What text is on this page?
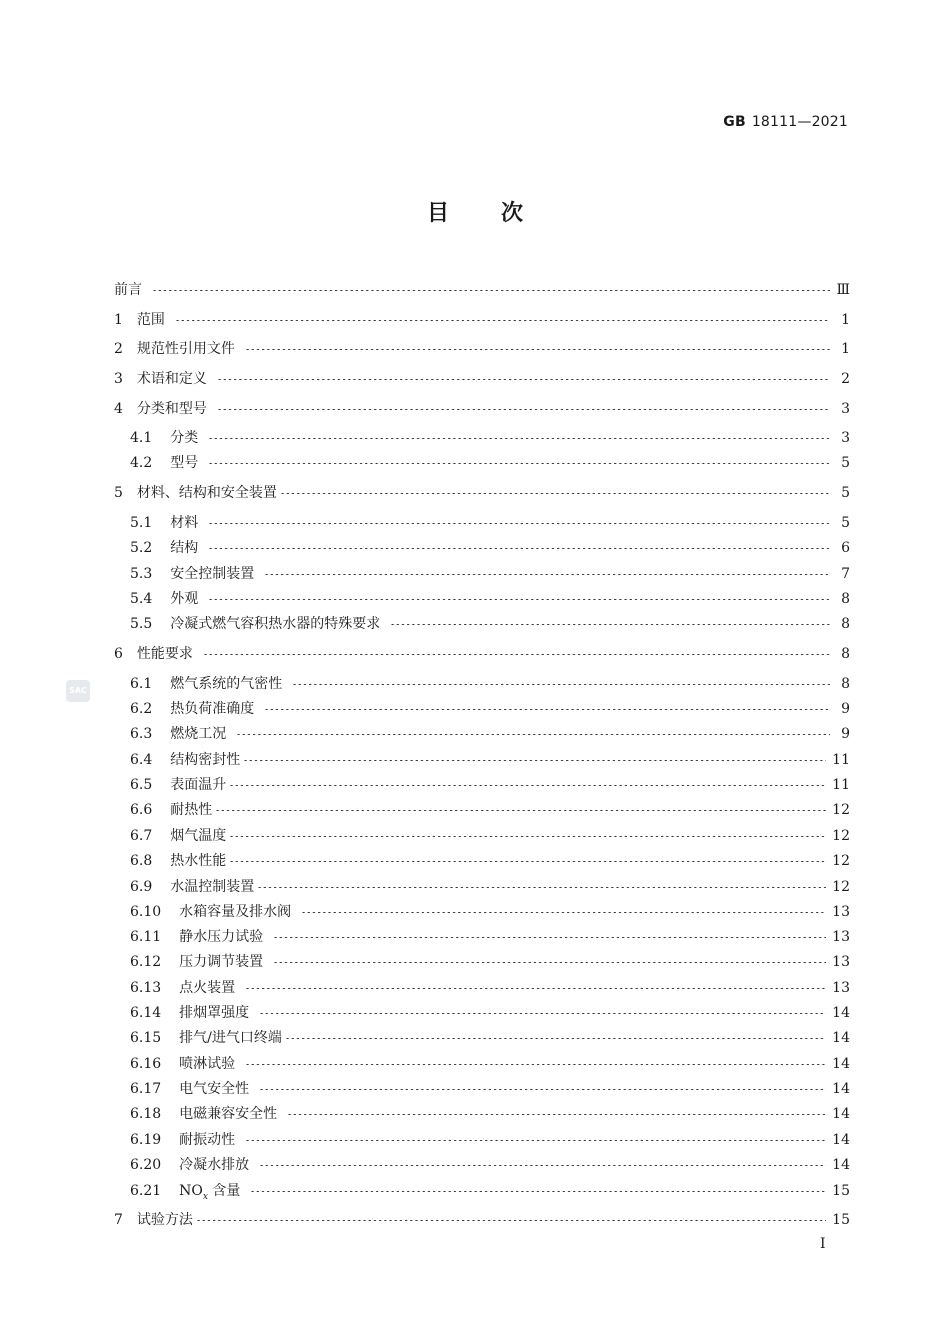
GB 18111—2021
目次
SAC
前言	Ⅲ
1 范围	1
2 规范性引用文件	1
3 术语和定义	2
4 分类和型号	3
4.1 分类	3
4.2 型号	5
5 材料、结构和安全装置	5
5.1 材料	5
5.2 结构	6
5.3 安全控制装置	7
5.4 外观	8
5.5 冷凝式燃气容积热水器的特殊要求	8
6 性能要求	8
6.1 燃气系统的气密性	8
6.2 热负荷准确度	9
6.3 燃烧工况	9
6.4 结构密封性	11
6.5 表面温升	11
6.6 耐热性	12
6.7 烟气温度	12
6.8 热水性能	12
6.9 水温控制装置	12
6.10 水箱容量及排水阀	13
6.11 静水压力试验	13
6.12 压力调节装置	13
6.13 点火装置	13
6.14 排烟罩强度	14
6.15 排气/进气口终端	14
6.16 喷淋试验	14
6.17 电气安全性	14
6.18 电磁兼容安全性	14
6.19 耐振动性	14
6.20 冷凝水排放	14
6.21 $NO_x$ 含量	15
7 试验方法	15
I
